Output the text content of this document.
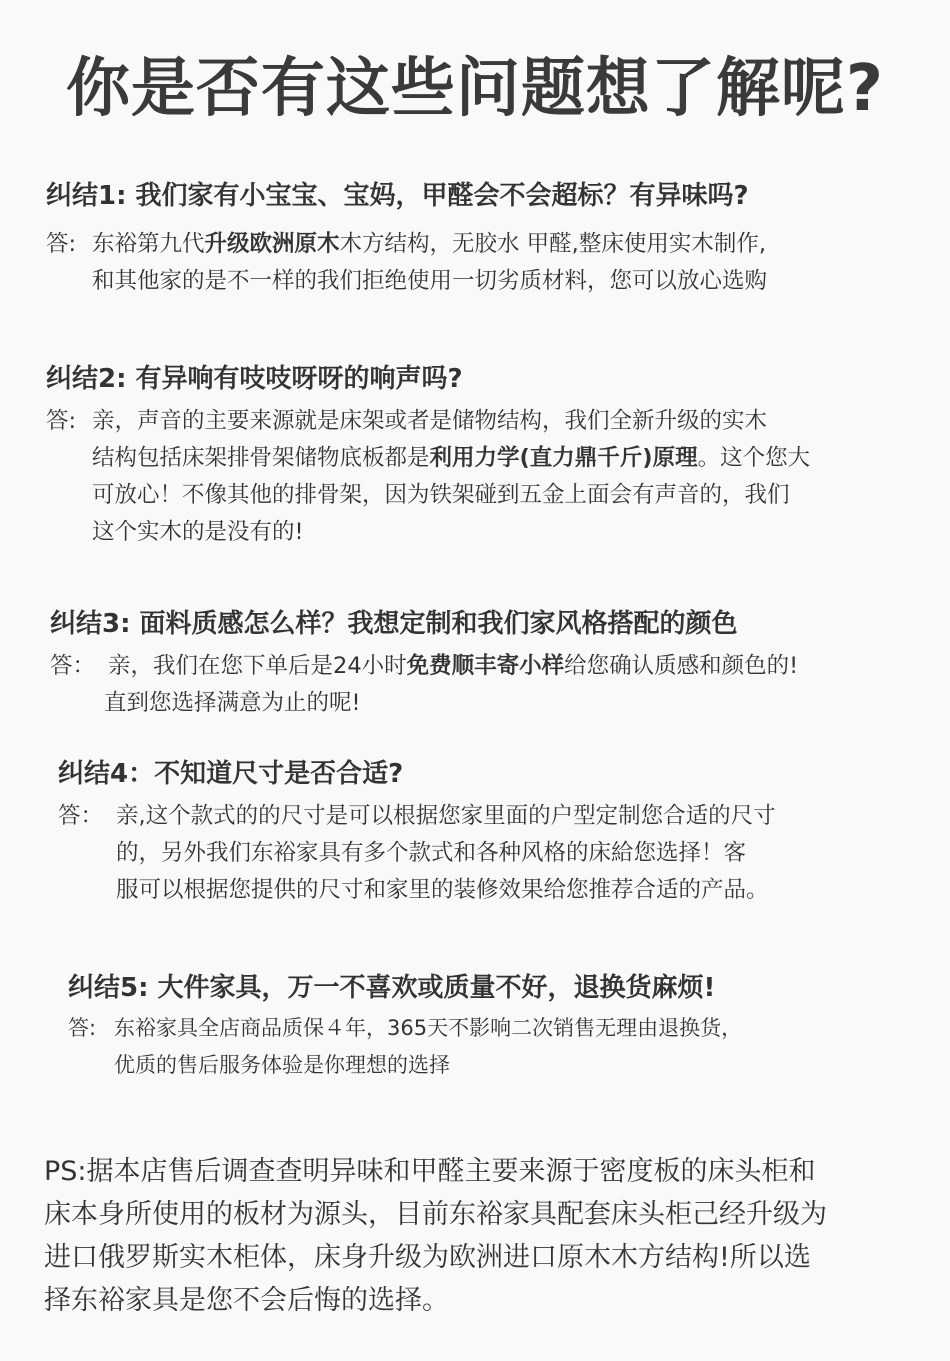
你是否有这些问题想了解呢?
纠结1: 我们家有小宝宝、宝妈，甲醛会不会超标？有异味吗?
答: 东裕第九代升级欧洲原木木方结构，无胶水 甲醛,整床使用实木制作,
和其他家的是不一样的我们拒绝使用一切劣质材料，您可以放心选购
纠结2: 有异响有吱吱呀呀的响声吗?
答: 亲，声音的主要来源就是床架或者是储物结构，我们全新升级的实木
结构包括床架排骨架储物底板都是利用力学(直力鼎千斤)原理。这个您大
可放心！不像其他的排骨架，因为铁架碰到五金上面会有声音的，我们
这个实木的是没有的!
纠结3: 面料质感怎么样？我想定制和我们家风格搭配的颜色
答： 亲，我们在您下单后是24小时免费顺丰寄小样给您确认质感和颜色的!
直到您选择满意为止的呢!
纠结4：不知道尺寸是否合适?
答： 亲,这个款式的的尺寸是可以根据您家里面的户型定制您合适的尺寸
的，另外我们东裕家具有多个款式和各种风格的床給您选择！客
服可以根据您提供的尺寸和家里的装修效果给您推荐合适的产品。
纠结5: 大件家具，万一不喜欢或质量不好，退换货麻烦!
答: 东裕家具全店商品质保４年，365天不影响二次销售无理由退换货，
优质的售后服务体验是你理想的选择
PS:据本店售后调查查明异味和甲醛主要来源于密度板的床头柜和
床本身所使用的板材为源头，目前东裕家具配套床头柜己经升级为
进口俄罗斯实木柜体，床身升级为欧洲进口原木木方结构!所以选
择东裕家具是您不会后悔的选择。
